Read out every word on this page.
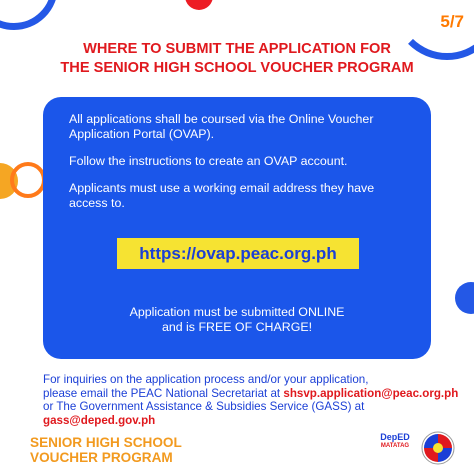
5/7
WHERE TO SUBMIT THE APPLICATION FOR
THE SENIOR HIGH SCHOOL VOUCHER PROGRAM

All applications shall be coursed via the Online Voucher Application Portal (OVAP).

Follow the instructions to create an OVAP account.

Applicants must use a working email address they have access to.

https://ovap.peac.org.ph
Application must be submitted ONLINE
and is FREE OF CHARGE!
For inquiries on the application process and/or your application,
please email the PEAC National Secretariat at shsvp.application@peac.org.ph
or The Government Assistance & Subsidies Service (GASS) at gass@deped.gov.ph
SENIOR HIGH SCHOOL
VOUCHER PROGRAM
DepED
MATATAG
